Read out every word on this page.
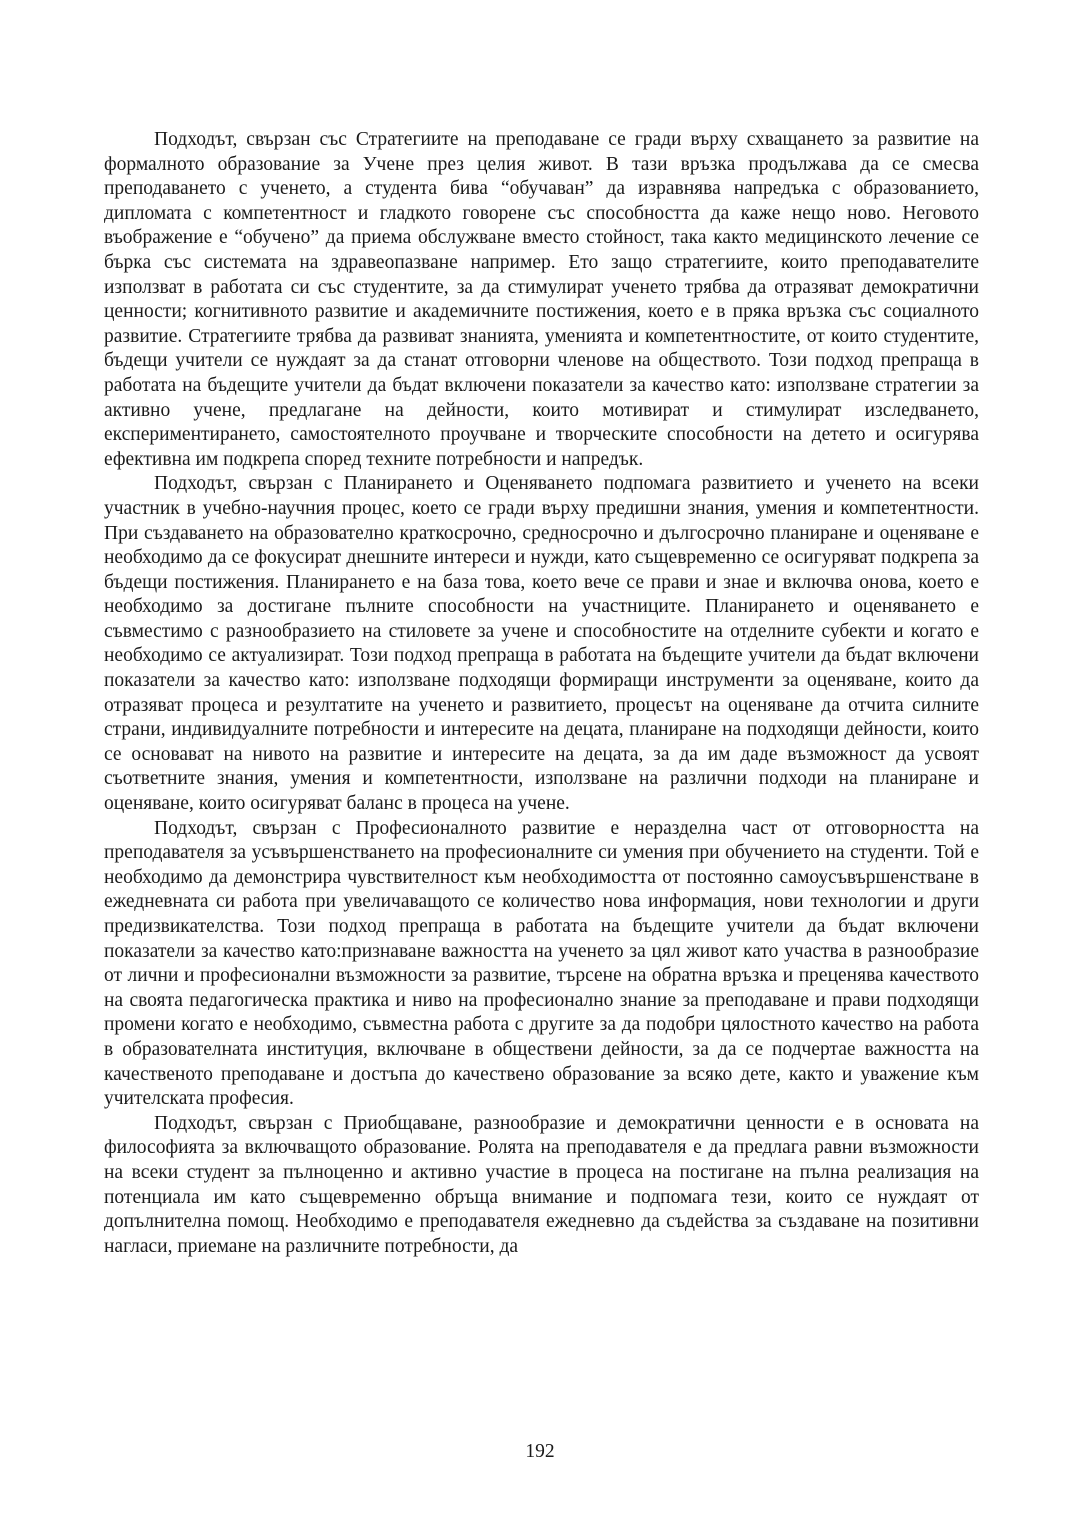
Подходът, свързан със Стратегиите на преподаване се гради върху схващането за развитие на формалното образование за Учене през целия живот. В тази връзка продължава да се смесва преподаването с ученето, а студента бива “обучаван” да изравнява напредъка с образованието, дипломата с компетентност и гладкото говорене със способността да каже нещо ново. Неговото въображение е “обучено” да приема обслужване вместо стойност, така както медицинското лечение се бърка със системата на здравеопазване например. Ето защо стратегиите, които преподавателите използват в работата си със студентите, за да стимулират ученето трябва да отразяват демократични ценности; когнитивното развитие и академичните постижения, което е в пряка връзка със социалното развитие. Стратегиите трябва да развиват знанията, уменията и компетентностите, от които студентите, бъдещи учители се нуждаят за да станат отговорни членове на обществото. Този подход препраща в работата на бъдещите учители да бъдат включени показатели за качество като: използване стратегии за активно учене, предлагане на дейности, които мотивират и стимулират изследването, експериментирането, самостоятелното проучване и творческите способности на детето и осигурява ефективна им подкрепа според техните потребности и напредък.

Подходът, свързан с Планирането и Оценяването подпомага развитието и ученето на всеки участник в учебно-научния процес, което се гради върху предишни знания, умения и компетентности. При създаването на образователно краткосрочно, средносрочно и дългосрочно планиране и оценяване е необходимо да се фокусират днешните интереси и нужди, като същевременно се осигуряват подкрепа за бъдещи постижения. Планирането е на база това, което вече се прави и знае и включва онова, което е необходимо за достигане пълните способности на участниците. Планирането и оценяването е съвместимо с разнообразието на стиловете за учене и способностите на отделните субекти и когато е необходимо се актуализират. Този подход препраща в работата на бъдещите учители да бъдат включени показатели за качество като: използване подходящи формиращи инструменти за оценяване, които да отразяват процеса и резултатите на ученето и развитието, процесът на оценяване да отчита силните страни, индивидуалните потребности и интересите на децата, планиране на подходящи дейности, които се основават на нивото на развитие и интересите на децата, за да им даде възможност да усвоят съответните знания, умения и компетентности, използване на различни подходи на планиране и оценяване, които осигуряват баланс в процеса на учене.

Подходът, свързан с Професионалното развитие е неразделна част от отговорността на преподавателя за усъвършенстването на професионалните си умения при обучението на студенти. Той е необходимо да демонстрира чувствителност към необходимостта от постоянно самоусъвършенстване в ежедневната си работа при увеличаващото се количество нова информация, нови технологии и други предизвикателства. Този подход препраща в работата на бъдещите учители да бъдат включени показатели за качество като:признаване важността на ученето за цял живот като участва в разнообразие от лични и професионални възможности за развитие, търсене на обратна връзка и преценява качеството на своята педагогическа практика и ниво на професионално знание за преподаване и прави подходящи промени когато е необходимо, съвместна работа с другите за да подобри цялостното качество на работа в образователната институция, включване в обществени дейности, за да се подчертае важността на качественото преподаване и достъпа до качествено образование за всяко дете, както и уважение към учителската професия.

Подходът, свързан с Приобщаване, разнообразие и демократични ценности е в основата на философията за включващото образование. Ролята на преподавателя е да предлага равни възможности на всеки студент за пълноценно и активно участие в процеса на постигане на пълна реализация на потенциала им като същевременно обръща внимание и подпомага тези, които се нуждаят от допълнителна помощ. Необходимо е преподавателя ежедневно да съдейства за създаване на позитивни нагласи, приемане на различните потребности, да

192
